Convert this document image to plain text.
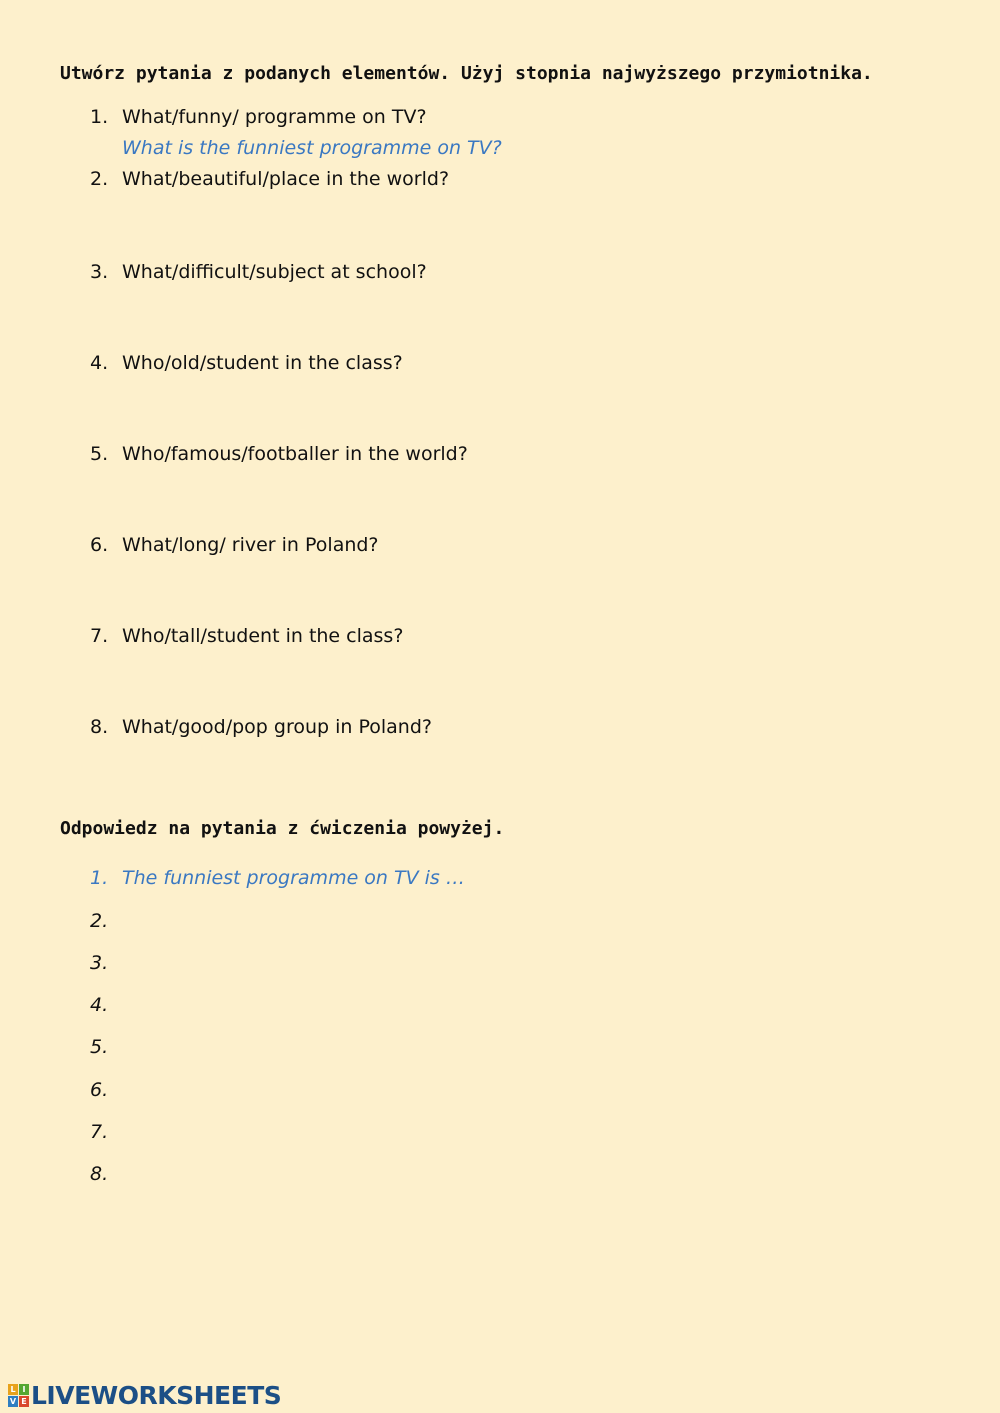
Utwórz pytania z podanych elementów. Użyj stopnia najwyższego przymiotnika.
1. What/funny/ programme on TV?
What is the funniest programme on TV?
2. What/beautiful/place in the world?
3. What/difficult/subject at school?
4. Who/old/student in the class?
5. Who/famous/footballer in the world?
6. What/long/ river in Poland?
7. Who/tall/student in the class?
8. What/good/pop group in Poland?
Odpowiedz na pytania z ćwiczenia powyżej.
1. The funniest programme on TV is …
2.
3.
4.
5.
6.
7.
8.
L I
V E LIVEWORKSHEETS
